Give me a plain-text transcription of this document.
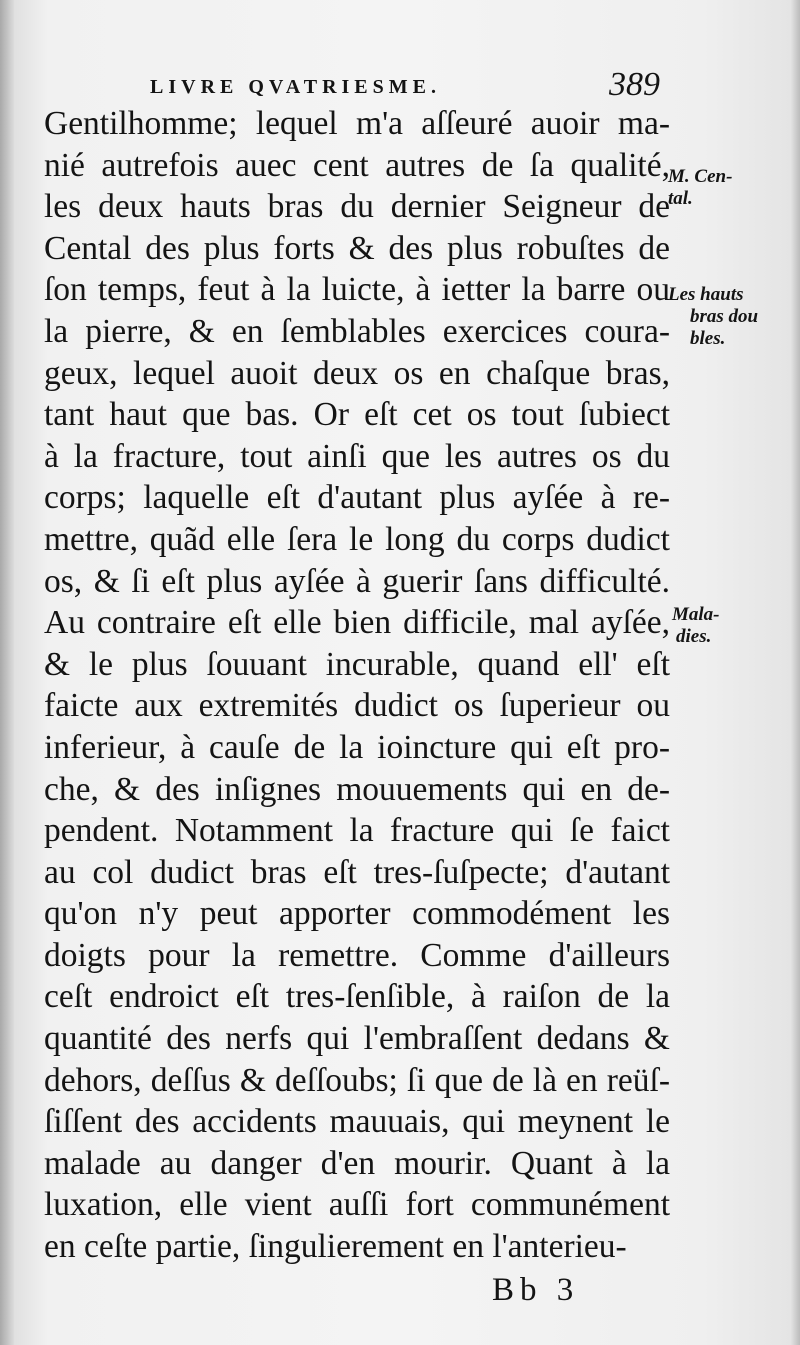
LIVRE QVATRIESME.	389
Gentilhomme; lequel m'a aſſeuré auoir ma-
nié autrefois auec cent autres de ſa qualité,
les deux hauts bras du dernier Seigneur de
Cental des plus forts & des plus robuſtes de
ſon temps, feut à la luicte, à ietter la barre ou
la pierre, & en ſemblables exercices coura-
geux, lequel auoit deux os en chaſque bras,
tant haut que bas. Or eſt cet os tout ſubiect
à la fracture, tout ainſi que les autres os du
corps; laquelle eſt d'autant plus ayſée à re-
mettre, quãd elle ſera le long du corps dudict
os, & ſi eſt plus ayſée à guerir ſans difficulté.
Au contraire eſt elle bien difficile, mal ayſée,
& le plus ſouuant incurable, quand ell' eſt
faicte aux extremités dudict os ſuperieur ou
inferieur, à cauſe de la ioincture qui eſt pro-
che, & des inſignes mouuements qui en de-
pendent. Notamment la fracture qui ſe faict
au col dudict bras eſt tres-ſuſpecte; d'autant
qu'on n'y peut apporter commodément les
doigts pour la remettre. Comme d'ailleurs
ceſt endroict eſt tres-ſenſible, à raiſon de la
quantité des nerfs qui l'embraſſent dedans &
dehors, deſſus & deſſoubs; ſi que de là en reüſ-
ſiſſent des accidents mauuais, qui meynent le
malade au danger d'en mourir. Quant à la
luxation, elle vient auſſi fort communément
en ceſte partie, ſingulierement en l'anterieu-
M. Cen-
tal.
Les hauts
bras dou
bles.
Mala-
dies.
Bb 3
